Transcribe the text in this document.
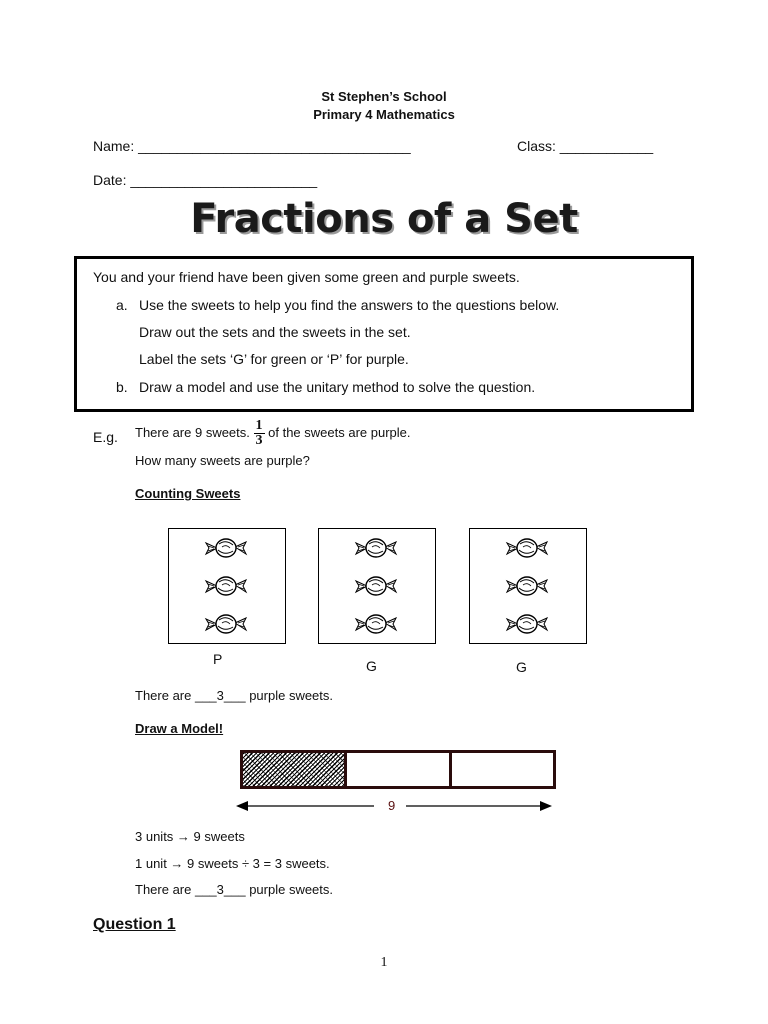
St Stephen’s School
Primary 4 Mathematics
Name: ___________________________________	Class: ____________
Date: ________________________
Fractions of a Set
You and your friend have been given some green and purple sweets.
a. Use the sweets to help you find the answers to the questions below.
Draw out the sets and the sweets in the set.
Label the sets ‘G’ for green or ‘P’ for purple.
b. Draw a model and use the unitary method to solve the question.
E.g. There are 9 sweets. $\frac{1}{3}$ of the sweets are purple.
How many sweets are purple?
Counting Sweets
P	G	G
There are ___3___ purple sweets.
Draw a Model!
9
3 units → 9 sweets
1 unit → 9 sweets ÷ 3 = 3 sweets.
There are ___3___ purple sweets.
Question 1
1
